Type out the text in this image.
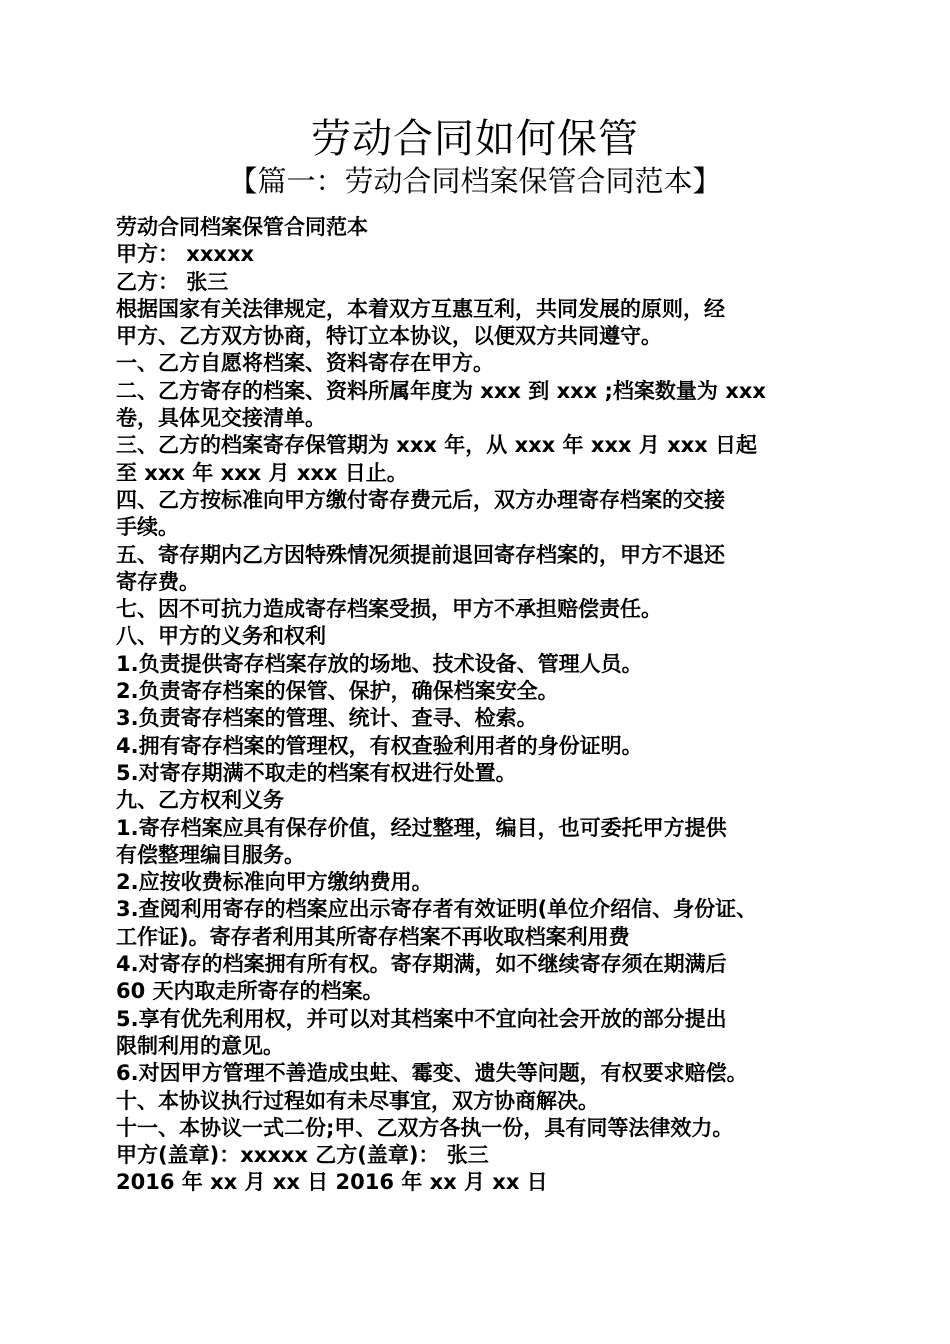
劳动合同如何保管
【篇一：劳动合同档案保管合同范本】
劳动合同档案保管合同范本
甲方： xxxxx
乙方： 张三
根据国家有关法律规定，本着双方互惠互利，共同发展的原则，经
甲方、乙方双方协商，特订立本协议，以便双方共同遵守。
一、乙方自愿将档案、资料寄存在甲方。
二、乙方寄存的档案、资料所属年度为 xxx 到 xxx ;档案数量为 xxx
卷，具体见交接清单。
三、乙方的档案寄存保管期为 xxx 年，从 xxx 年 xxx 月 xxx 日起
至 xxx 年 xxx 月 xxx 日止。
四、乙方按标准向甲方缴付寄存费元后，双方办理寄存档案的交接
手续。
五、寄存期内乙方因特殊情况须提前退回寄存档案的，甲方不退还
寄存费。
七、因不可抗力造成寄存档案受损，甲方不承担赔偿责任。
八、甲方的义务和权利
1.负责提供寄存档案存放的场地、技术设备、管理人员。
2.负责寄存档案的保管、保护，确保档案安全。
3.负责寄存档案的管理、统计、查寻、检索。
4.拥有寄存档案的管理权，有权查验利用者的身份证明。
5.对寄存期满不取走的档案有权进行处置。
九、乙方权利义务
1.寄存档案应具有保存价值，经过整理，编目，也可委托甲方提供
有偿整理编目服务。
2.应按收费标准向甲方缴纳费用。
3.查阅利用寄存的档案应出示寄存者有效证明(单位介绍信、身份证、
工作证)。寄存者利用其所寄存档案不再收取档案利用费
4.对寄存的档案拥有所有权。寄存期满，如不继续寄存须在期满后
60 天内取走所寄存的档案。
5.享有优先利用权，并可以对其档案中不宜向社会开放的部分提出
限制利用的意见。
6.对因甲方管理不善造成虫蛀、霉变、遗失等问题，有权要求赔偿。
十、本协议执行过程如有未尽事宜，双方协商解决。
十一、本协议一式二份;甲、乙双方各执一份，具有同等法律效力。
甲方(盖章)：xxxxx 乙方(盖章)： 张三
2016 年 xx 月 xx 日 2016 年 xx 月 xx 日
